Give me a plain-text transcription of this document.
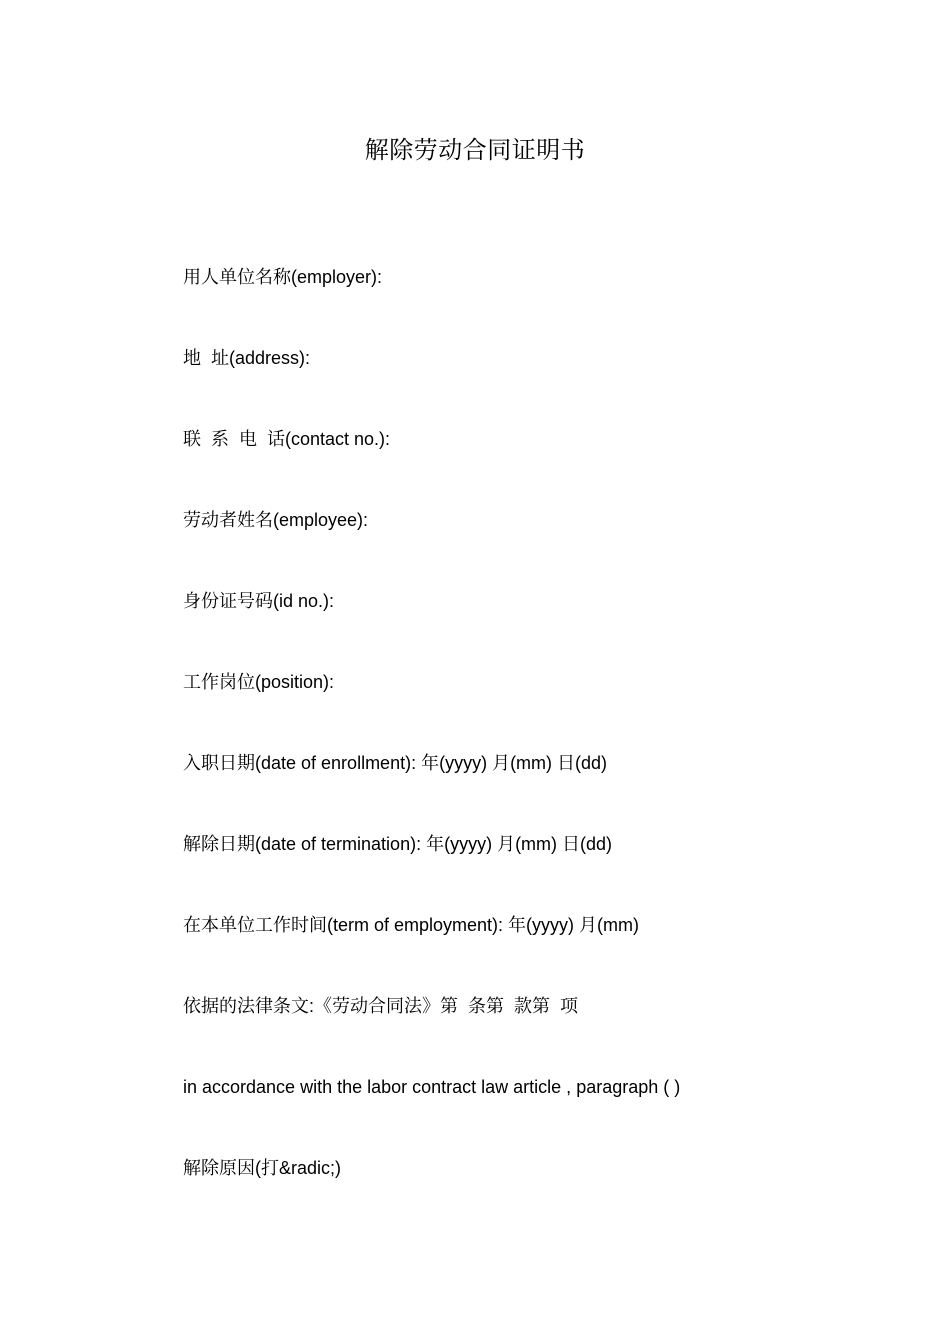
解除劳动合同证明书
用人单位名称(employer):
地  址(address):
联  系  电  话(contact no.):
劳动者姓名(employee):
身份证号码(id no.):
工作岗位(position):
入职日期(date of enrollment): 年(yyyy) 月(mm) 日(dd)
解除日期(date of termination): 年(yyyy) 月(mm) 日(dd)
在本单位工作时间(term of employment): 年(yyyy) 月(mm)
依据的法律条文:《劳动合同法》第  条第  款第  项
in accordance with the labor contract law article , paragraph ( )
解除原因(打&radic;)
